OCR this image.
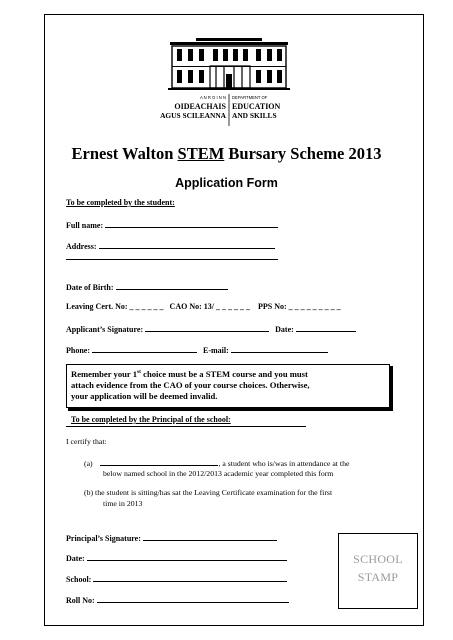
A N R O I N N
OIDEACHAIS
AGUS SCILEANNA
DEPARTMENT OF
EDUCATION
AND SKILLS
Ernest Walton STEM Bursary Scheme 2013
Application Form
To be completed by the student:
Full name:
Address:
Date of Birth:
Leaving Cert. No: _ _ _ _ _ _ CAO No: 13/ _ _ _ _ _ _ PPS No: _ _ _ _ _ _ _ _ _
Applicant’s Signature:	Date:
Phone:	E-mail:
Remember your 1st choice must be a STEM course and you must
attach evidence from the CAO of your course choices. Otherwise,
your application will be deemed invalid.
To be completed by the Principal of the school:
I certify that:
(a)	, a student who is/was in attendance at the
below named school in the 2012/2013 academic year completed this form
(b) the student is sitting/has sat the Leaving Certificate examination for the first
time in 2013
Principal’s Signature:
Date:
School:
Roll No:
SCHOOL
STAMP
